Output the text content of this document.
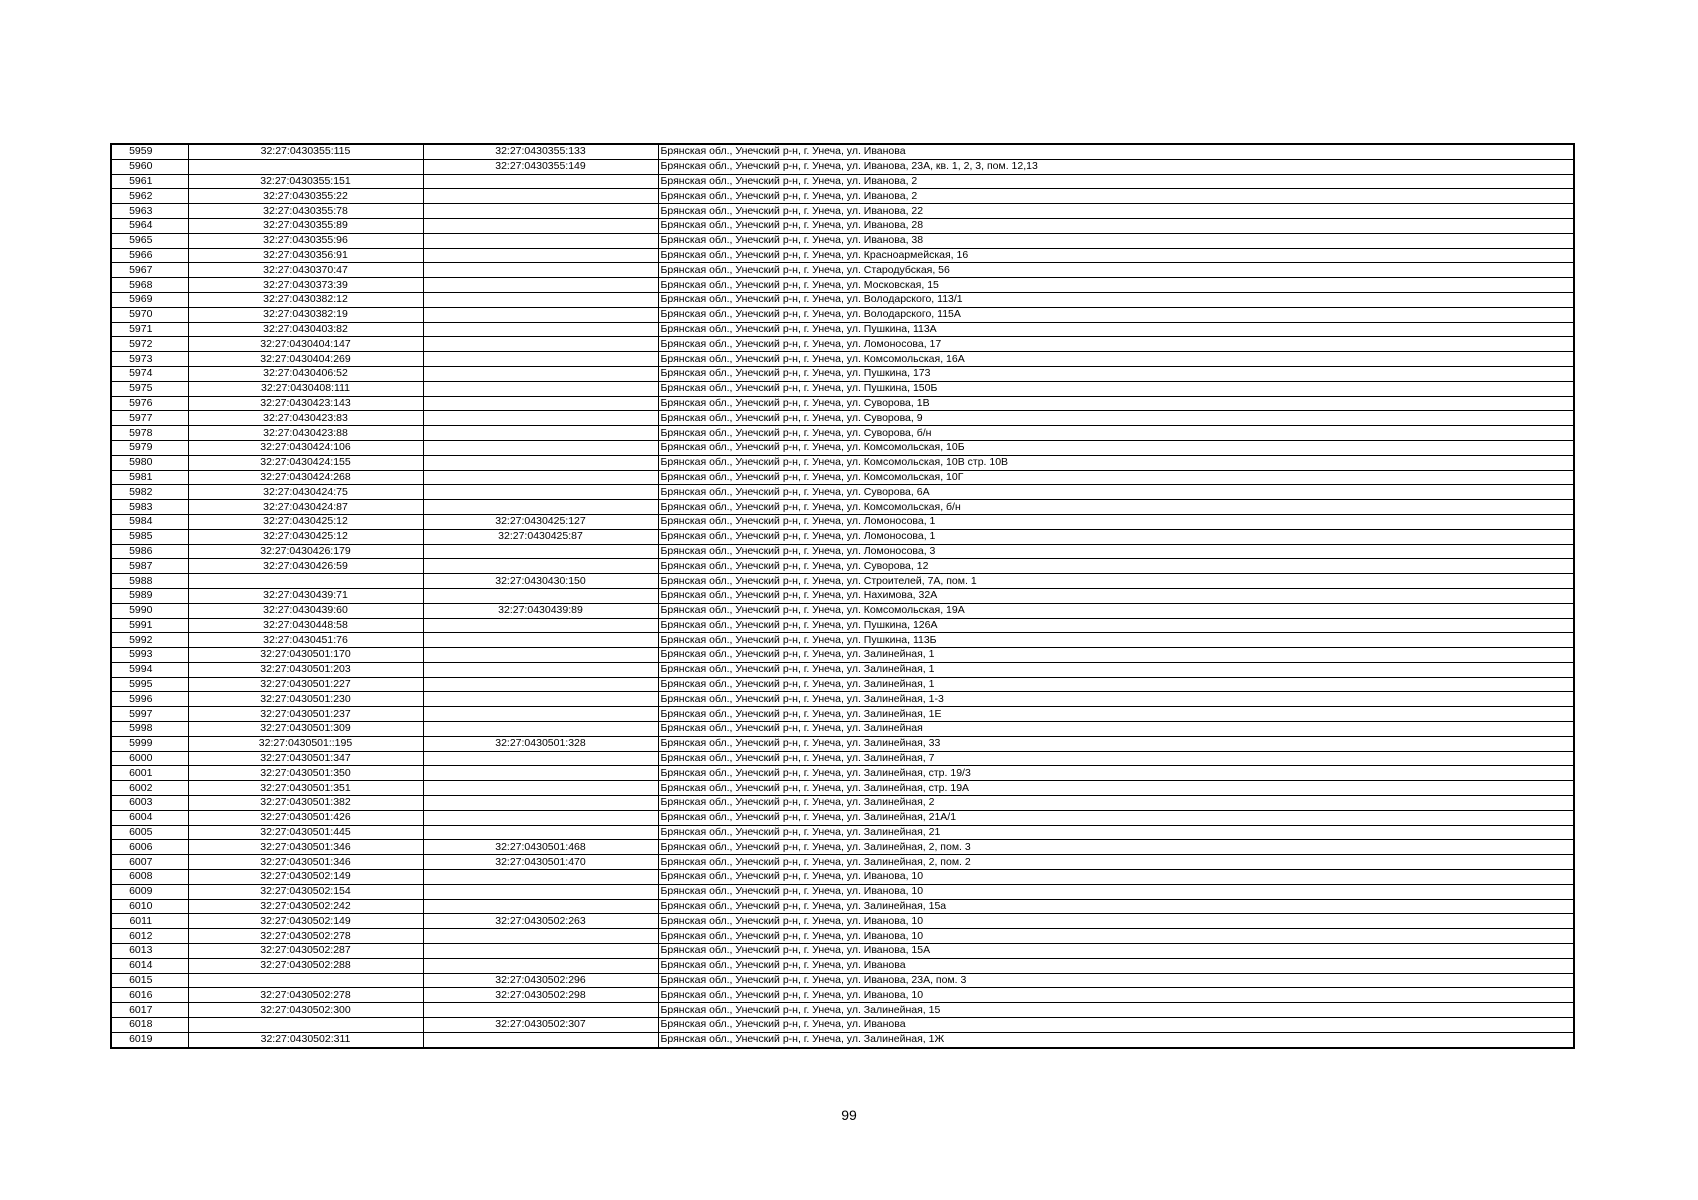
5959	32:27:0430355:115	32:27:0430355:133	Брянская обл., Унечский р-н, г. Унеча, ул. Иванова
5960		32:27:0430355:149	Брянская обл., Унечский р-н, г. Унеча, ул. Иванова, 23А, кв. 1, 2, 3, пом. 12,13
5961	32:27:0430355:151		Брянская обл., Унечский р-н, г. Унеча, ул. Иванова, 2
5962	32:27:0430355:22		Брянская обл., Унечский р-н, г. Унеча, ул. Иванова, 2
5963	32:27:0430355:78		Брянская обл., Унечский р-н, г. Унеча, ул. Иванова, 22
5964	32:27:0430355:89		Брянская обл., Унечский р-н, г. Унеча, ул. Иванова, 28
5965	32:27:0430355:96		Брянская обл., Унечский р-н, г. Унеча, ул. Иванова, 38
5966	32:27:0430356:91		Брянская обл., Унечский р-н, г. Унеча, ул. Красноармейская, 16
5967	32:27:0430370:47		Брянская обл., Унечский р-н, г. Унеча, ул. Стародубская, 56
5968	32:27:0430373:39		Брянская обл., Унечский р-н, г. Унеча, ул. Московская, 15
5969	32:27:0430382:12		Брянская обл., Унечский р-н, г. Унеча, ул. Володарского, 113/1
5970	32:27:0430382:19		Брянская обл., Унечский р-н, г. Унеча, ул. Володарского, 115А
5971	32:27:0430403:82		Брянская обл., Унечский р-н, г. Унеча, ул. Пушкина, 113А
5972	32:27:0430404:147		Брянская обл., Унечский р-н, г. Унеча, ул. Ломоносова, 17
5973	32:27:0430404:269		Брянская обл., Унечский р-н, г. Унеча, ул. Комсомольская, 16А
5974	32:27:0430406:52		Брянская обл., Унечский р-н, г. Унеча, ул. Пушкина, 173
5975	32:27:0430408:111		Брянская обл., Унечский р-н, г. Унеча, ул. Пушкина, 150Б
5976	32:27:0430423:143		Брянская обл., Унечский р-н, г. Унеча, ул. Суворова, 1В
5977	32:27:0430423:83		Брянская обл., Унечский р-н, г. Унеча, ул. Суворова, 9
5978	32:27:0430423:88		Брянская обл., Унечский р-н, г. Унеча, ул. Суворова, б/н
5979	32:27:0430424:106		Брянская обл., Унечский р-н, г. Унеча, ул. Комсомольская, 10Б
5980	32:27:0430424:155		Брянская обл., Унечский р-н, г. Унеча, ул. Комсомольская, 10В стр. 10В
5981	32:27:0430424:268		Брянская обл., Унечский р-н, г. Унеча, ул. Комсомольская, 10Г
5982	32:27:0430424:75		Брянская обл., Унечский р-н, г. Унеча, ул. Суворова, 6А
5983	32:27:0430424:87		Брянская обл., Унечский р-н, г. Унеча, ул. Комсомольская, б/н
5984	32:27:0430425:12	32:27:0430425:127	Брянская обл., Унечский р-н, г. Унеча, ул. Ломоносова, 1
5985	32:27:0430425:12	32:27:0430425:87	Брянская обл., Унечский р-н, г. Унеча, ул. Ломоносова, 1
5986	32:27:0430426:179		Брянская обл., Унечский р-н, г. Унеча, ул. Ломоносова, 3
5987	32:27:0430426:59		Брянская обл., Унечский р-н, г. Унеча, ул. Суворова, 12
5988		32:27:0430430:150	Брянская обл., Унечский р-н, г. Унеча, ул. Строителей, 7А, пом. 1
5989	32:27:0430439:71		Брянская обл., Унечский р-н, г. Унеча, ул. Нахимова, 32А
5990	32:27:0430439:60	32:27:0430439:89	Брянская обл., Унечский р-н, г. Унеча, ул. Комсомольская, 19А
5991	32:27:0430448:58		Брянская обл., Унечский р-н, г. Унеча, ул. Пушкина, 126А
5992	32:27:0430451:76		Брянская обл., Унечский р-н, г. Унеча, ул. Пушкина, 113Б
5993	32:27:0430501:170		Брянская обл., Унечский р-н, г. Унеча, ул. Залинейная, 1
5994	32:27:0430501:203		Брянская обл., Унечский р-н, г. Унеча, ул. Залинейная, 1
5995	32:27:0430501:227		Брянская обл., Унечский р-н, г. Унеча, ул. Залинейная, 1
5996	32:27:0430501:230		Брянская обл., Унечский р-н, г. Унеча, ул. Залинейная, 1-3
5997	32:27:0430501:237		Брянская обл., Унечский р-н, г. Унеча, ул. Залинейная, 1Е
5998	32:27:0430501:309		Брянская обл., Унечский р-н, г. Унеча, ул. Залинейная
5999	32:27:0430501::195	32:27:0430501:328	Брянская обл., Унечский р-н, г. Унеча, ул. Залинейная, 33
6000	32:27:0430501:347		Брянская обл., Унечский р-н, г. Унеча, ул. Залинейная, 7
6001	32:27:0430501:350		Брянская обл., Унечский р-н, г. Унеча, ул. Залинейная, стр. 19/3
6002	32:27:0430501:351		Брянская обл., Унечский р-н, г. Унеча, ул. Залинейная, стр. 19А
6003	32:27:0430501:382		Брянская обл., Унечский р-н, г. Унеча, ул. Залинейная, 2
6004	32:27:0430501:426		Брянская обл., Унечский р-н, г. Унеча, ул. Залинейная, 21А/1
6005	32:27:0430501:445		Брянская обл., Унечский р-н, г. Унеча, ул. Залинейная, 21
6006	32:27:0430501:346	32:27:0430501:468	Брянская обл., Унечский р-н, г. Унеча, ул. Залинейная, 2, пом. 3
6007	32:27:0430501:346	32:27:0430501:470	Брянская обл., Унечский р-н, г. Унеча, ул. Залинейная, 2, пом. 2
6008	32:27:0430502:149		Брянская обл., Унечский р-н, г. Унеча, ул. Иванова, 10
6009	32:27:0430502:154		Брянская обл., Унечский р-н, г. Унеча, ул. Иванова, 10
6010	32:27:0430502:242		Брянская обл., Унечский р-н, г. Унеча, ул. Залинейная, 15а
6011	32:27:0430502:149	32:27:0430502:263	Брянская обл., Унечский р-н, г. Унеча, ул. Иванова, 10
6012	32:27:0430502:278		Брянская обл., Унечский р-н, г. Унеча, ул. Иванова, 10
6013	32:27:0430502:287		Брянская обл., Унечский р-н, г. Унеча, ул. Иванова, 15А
6014	32:27:0430502:288		Брянская обл., Унечский р-н, г. Унеча, ул. Иванова
6015		32:27:0430502:296	Брянская обл., Унечский р-н, г. Унеча, ул. Иванова, 23А, пом. 3
6016	32:27:0430502:278	32:27:0430502:298	Брянская обл., Унечский р-н, г. Унеча, ул. Иванова, 10
6017	32:27:0430502:300		Брянская обл., Унечский р-н, г. Унеча, ул. Залинейная, 15
6018		32:27:0430502:307	Брянская обл., Унечский р-н, г. Унеча, ул. Иванова
6019	32:27:0430502:311		Брянская обл., Унечский р-н, г. Унеча, ул. Залинейная, 1Ж
99
